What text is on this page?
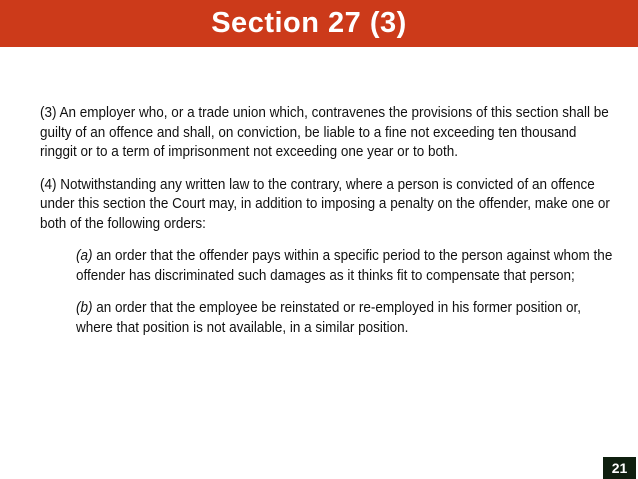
Section 27 (3)

(3) An employer who, or a trade union which, contravenes the provisions of this section shall be guilty of an offence and shall, on conviction, be liable to a fine not exceeding ten thousand ringgit or to a term of imprisonment not exceeding one year or to both.

(4) Notwithstanding any written law to the contrary, where a person is convicted of an offence under this section the Court may, in addition to imposing a penalty on the offender, make one or both of the following orders:

(a) an order that the offender pays within a specific period to the person against whom the offender has discriminated such damages as it thinks fit to compensate that person;

(b) an order that the employee be reinstated or re-employed in his former position or, where that position is not available, in a similar position.

21
